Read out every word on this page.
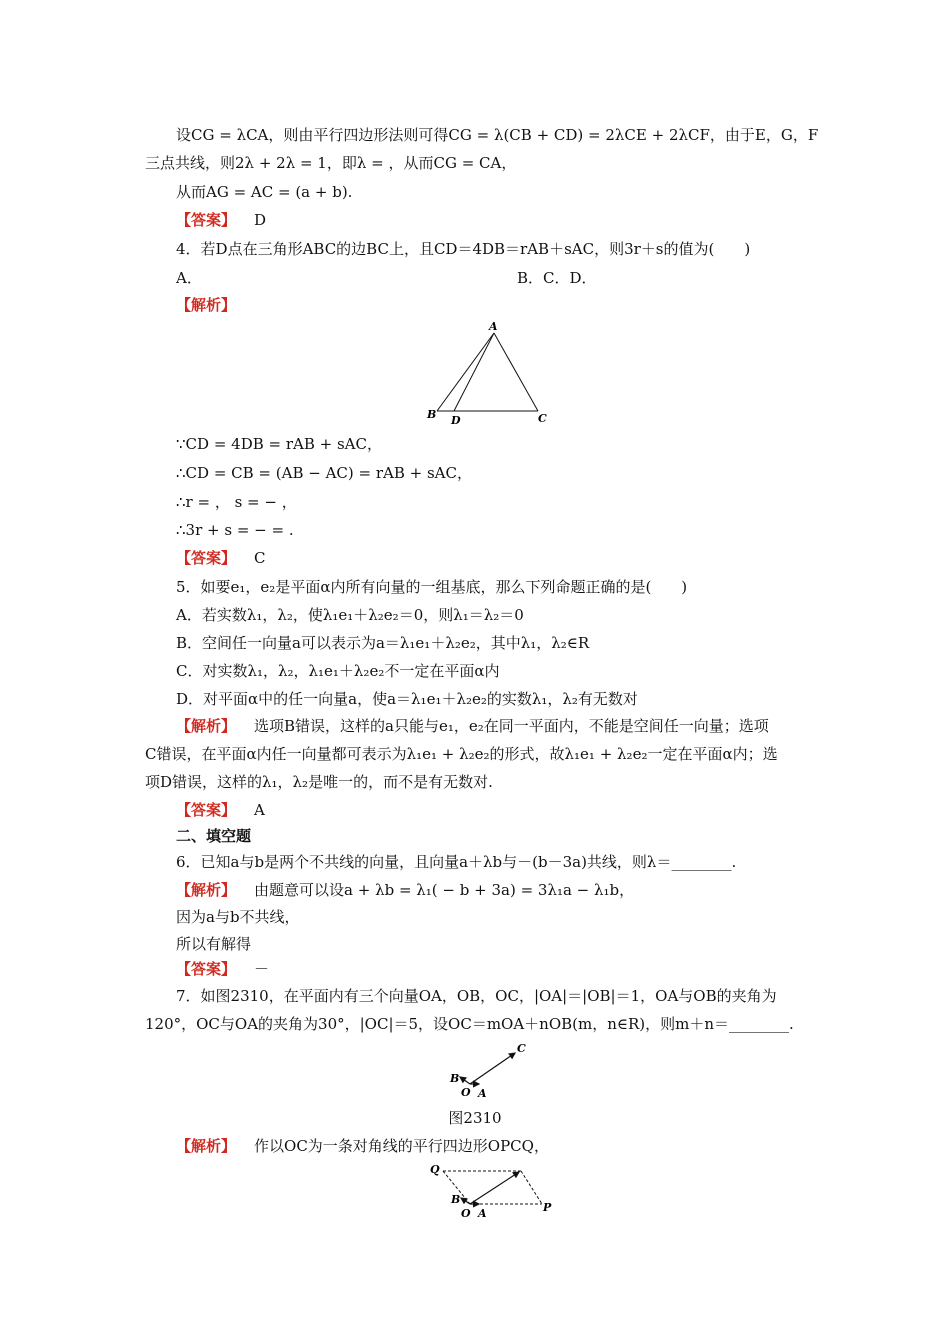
设CG = λCA，则由平行四边形法则可得CG = λ(CB + CD) = 2λCE + 2λCF，由于E，G，F
三点共线，则2λ + 2λ = 1，即λ = ，从而CG = CA，
从而AG = AC = (a + b).
【答案】 D
4．若D点在三角形ABC的边BC上，且CD＝4DB＝rAB＋sAC，则3r＋s的值为(　　)
A．	B．C．D．
【解析】
A
B D	C
∵CD = 4DB = rAB + sAC，
∴CD = CB = (AB − AC) = rAB + sAC，
∴r = ， s = − ，
∴3r + s = − = .
【答案】 C
5．如要e₁，e₂是平面α内所有向量的一组基底，那么下列命题正确的是(　　)
A．若实数λ₁，λ₂，使λ₁e₁＋λ₂e₂＝0，则λ₁＝λ₂＝0
B．空间任一向量a可以表示为a＝λ₁e₁＋λ₂e₂，其中λ₁，λ₂∈R
C．对实数λ₁，λ₂，λ₁e₁＋λ₂e₂不一定在平面α内
D．对平面α中的任一向量a，使a＝λ₁e₁＋λ₂e₂的实数λ₁，λ₂有无数对
【解析】 选项B错误，这样的a只能与e₁，e₂在同一平面内，不能是空间任一向量；选项
C错误，在平面α内任一向量都可表示为λ₁e₁ + λ₂e₂的形式，故λ₁e₁ + λ₂e₂一定在平面α内；选
项D错误，这样的λ₁，λ₂是唯一的，而不是有无数对.
【答案】 A
二、填空题
6．已知a与b是两个不共线的向量，且向量a＋λb与－(b－3a)共线，则λ＝________.
【解析】 由题意可以设a + λb = λ₁( − b + 3a) = 3λ₁a − λ₁b，
因为a与b不共线，
所以有解得
【答案】 －
7．如图2310，在平面内有三个向量OA，OB，OC，|OA|＝|OB|＝1，OA与OB的夹角为
120°，OC与OA的夹角为30°，|OC|＝5，设OC＝mOA＋nOB(m，n∈R)，则m＋n＝________.
C
B
O A
图2310
【解析】 作以OC为一条对角线的平行四边形OPCQ，
Q
B
O A	P
